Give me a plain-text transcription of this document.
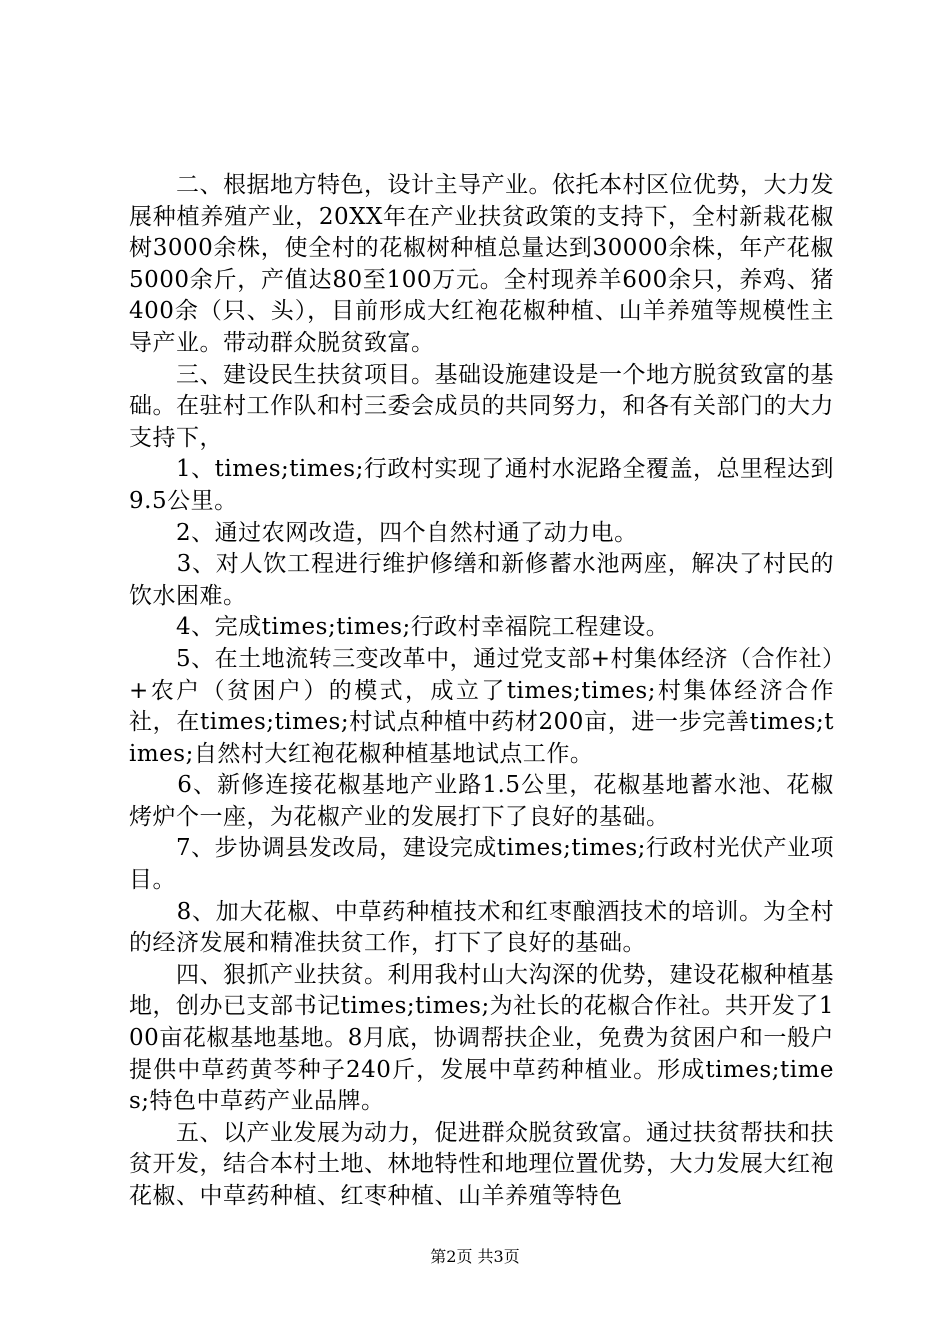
　　二、根据地方特色，设计主导产业。依托本村区位优势，大力发展种植养殖产业，20XX年在产业扶贫政策的支持下，全村新栽花椒树3000余株，使全村的花椒树种植总量达到30000余株，年产花椒5000余斤，产值达80至100万元。全村现养羊600余只，养鸡、猪400余（只、头），目前形成大红袍花椒种植、山羊养殖等规模性主导产业。带动群众脱贫致富。

　　三、建设民生扶贫项目。基础设施建设是一个地方脱贫致富的基础。在驻村工作队和村三委会成员的共同努力，和各有关部门的大力支持下，

　　1、times;times;行政村实现了通村水泥路全覆盖，总里程达到9.5公里。

　　2、通过农网改造，四个自然村通了动力电。

　　3、对人饮工程进行维护修缮和新修蓄水池两座，解决了村民的饮水困难。

　　4、完成times;times;行政村幸福院工程建设。

　　5、在土地流转三变改革中，通过党支部+村集体经济（合作社）+农户（贫困户）的模式，成立了times;times;村集体经济合作社，在times;times;村试点种植中药材200亩，进一步完善times;times;自然村大红袍花椒种植基地试点工作。

　　6、新修连接花椒基地产业路1.5公里，花椒基地蓄水池、花椒烤炉个一座，为花椒产业的发展打下了良好的基础。

　　7、步协调县发改局，建设完成times;times;行政村光伏产业项目。

　　8、加大花椒、中草药种植技术和红枣酿酒技术的培训。为全村的经济发展和精准扶贫工作，打下了良好的基础。

　　四、狠抓产业扶贫。利用我村山大沟深的优势，建设花椒种植基地，创办已支部书记times;times;为社长的花椒合作社。共开发了100亩花椒基地基地。8月底，协调帮扶企业，免费为贫困户和一般户提供中草药黄芩种子240斤，发展中草药种植业。形成times;times;特色中草药产业品牌。

　　五、以产业发展为动力，促进群众脱贫致富。通过扶贫帮扶和扶贫开发，结合本村土地、林地特性和地理位置优势，大力发展大红袍花椒、中草药种植、红枣种植、山羊养殖等特色

第2页 共3页
